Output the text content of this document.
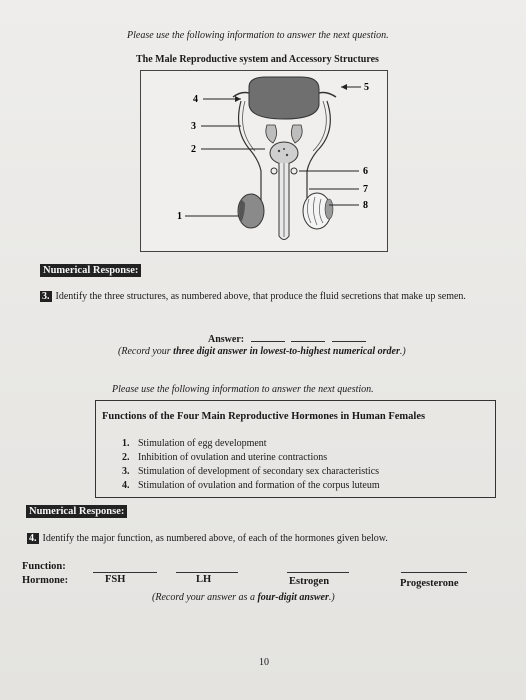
Please use the following information to answer the next question.
The Male Reproductive system and Accessory Structures
4
3
2
1
5
6
7
8
Numerical Response:
3. Identify the three structures, as numbered above, that produce the fluid secretions that make up semen.
Answer:
(Record your three digit answer in lowest-to-highest numerical order.)
Please use the following information to answer the next question.
Functions of the Four Main Reproductive Hormones in Human Females
1. Stimulation of egg development
2. Inhibition of ovulation and uterine contractions
3. Stimulation of development of secondary sex characteristics
4. Stimulation of ovulation and formation of the corpus luteum
Numerical Response:
4. Identify the major function, as numbered above, of each of the hormones given below.
Function:
Hormone:	FSH	LH	Estrogen	Progesterone
(Record your answer as a four-digit answer.)
10
